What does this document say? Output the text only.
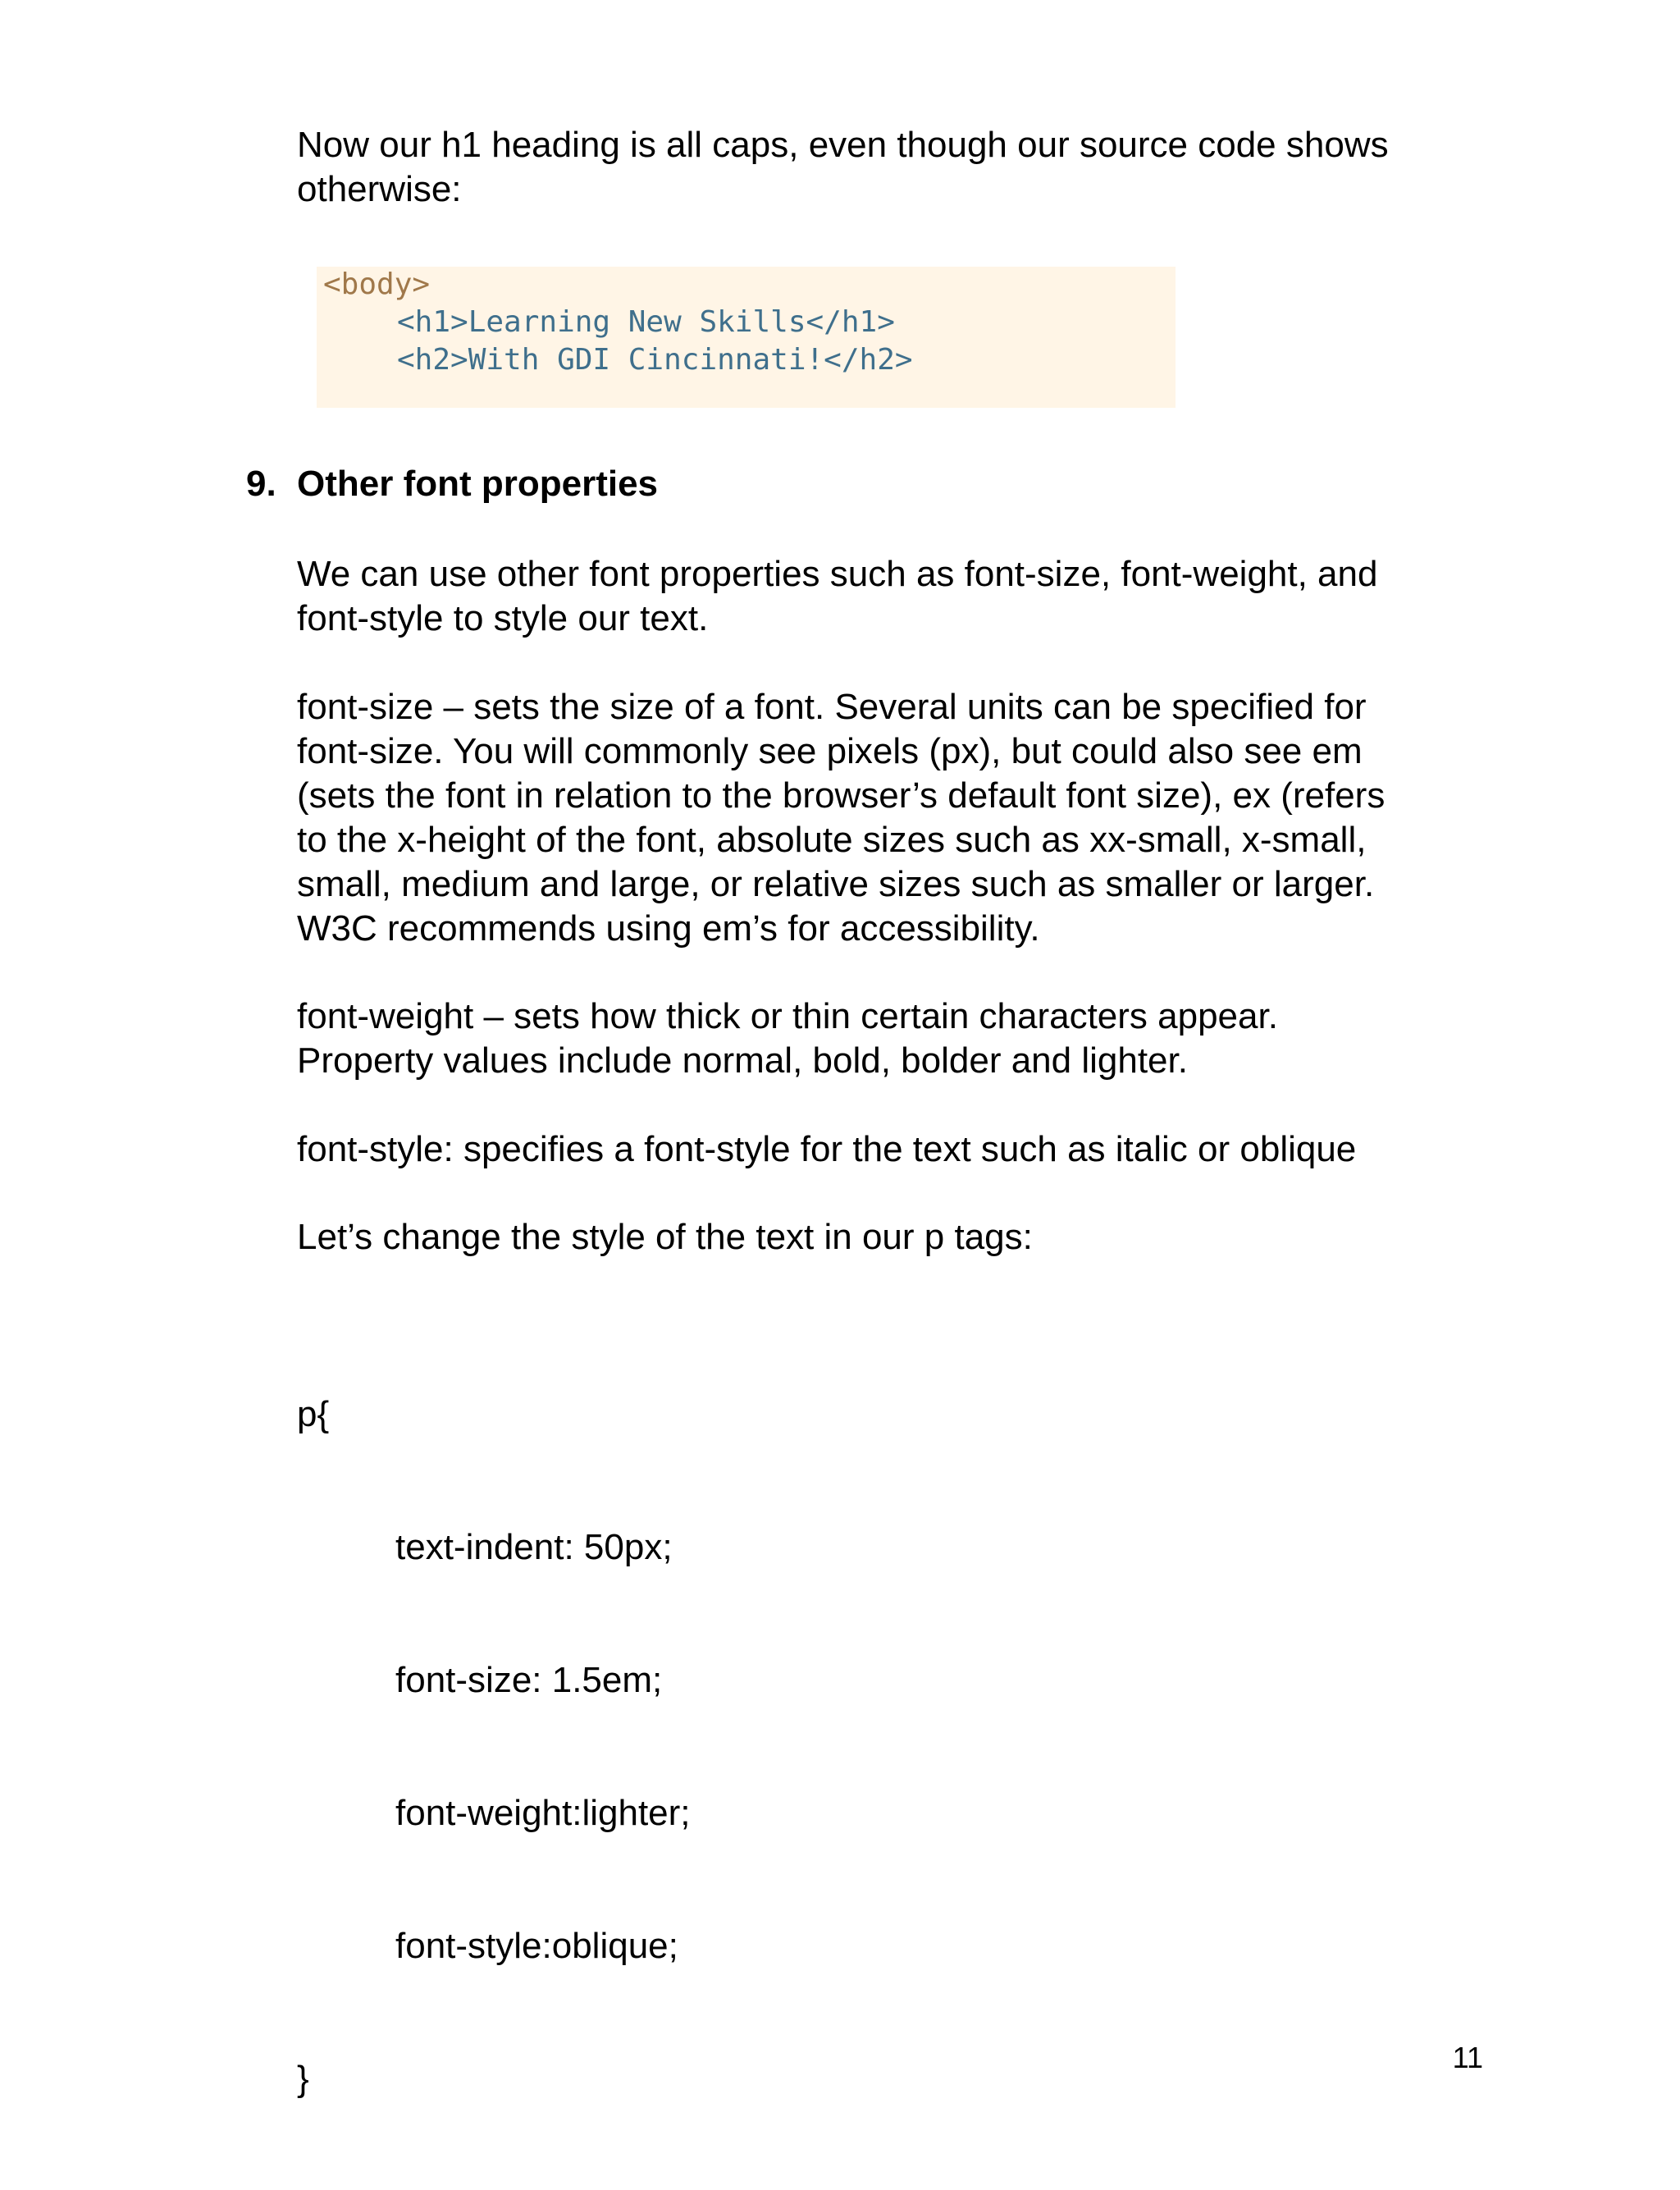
Now our h1 heading is all caps, even though our source code shows
otherwise:

<body>
<h1>Learning New Skills</h1>
<h2>With GDI Cincinnati!</h2>
9. Other font properties

We can use other font properties such as font-size, font-weight, and
font-style to style our text.

font-size – sets the size of a font. Several units can be specified for
font-size. You will commonly see pixels (px), but could also see em
(sets the font in relation to the browser’s default font size), ex (refers
to the x-height of the font, absolute sizes such as xx-small, x-small,
small, medium and large, or relative sizes such as smaller or larger.
W3C recommends using em’s for accessibility.

font-weight – sets how thick or thin certain characters appear.
Property values include normal, bold, bolder and lighter.

font-style: specifies a font-style for the text such as italic or oblique

Let’s change the style of the text in our p tags:

p{

text-indent: 50px;

font-size: 1.5em;

font-weight:lighter;

font-style:oblique;

}

11
